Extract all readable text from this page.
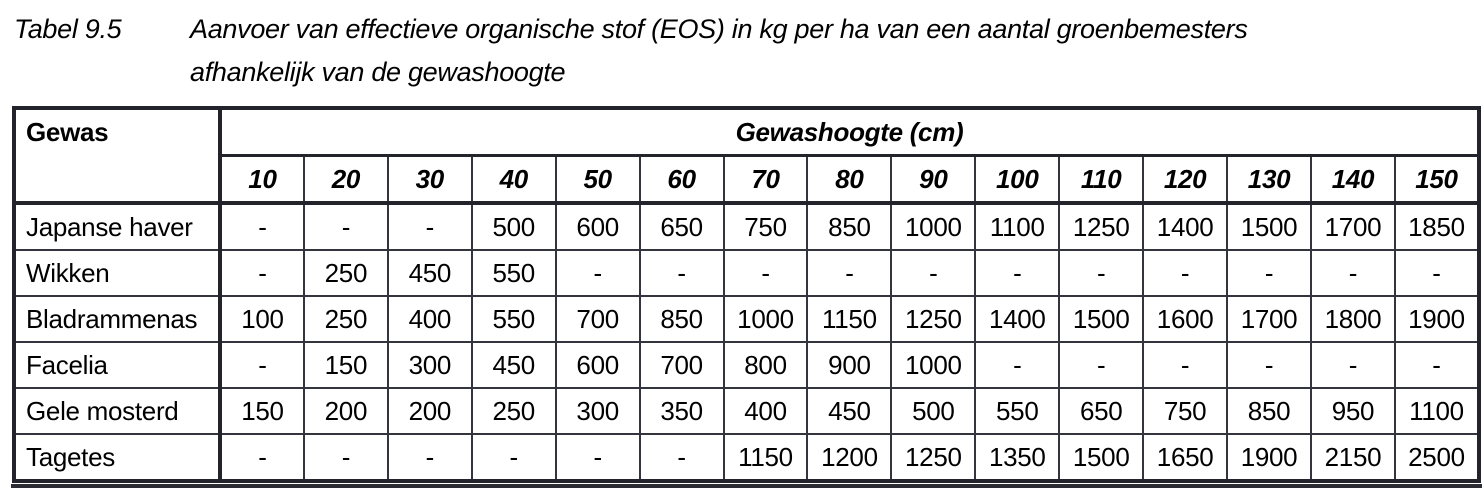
Tabel 9.5	Aanvoer van effectieve organische stof (EOS) in kg per ha van een aantal groenbemesters
afhankelijk van de gewashoogte
Gewas	Gewashoogte (cm)														
	10	20	30	40	50	60	70	80	90	100	110	120	130	140	150
Japanse haver	-	-	-	500	600	650	750	850	1000	1100	1250	1400	1500	1700	1850
Wikken	-	250	450	550	-	-	-	-	-	-	-	-	-	-	-
Bladrammenas	100	250	400	550	700	850	1000	1150	1250	1400	1500	1600	1700	1800	1900
Facelia	-	150	300	450	600	700	800	900	1000	-	-	-	-	-	-
Gele mosterd	150	200	200	250	300	350	400	450	500	550	650	750	850	950	1100
Tagetes	-	-	-	-	-	-	1150	1200	1250	1350	1500	1650	1900	2150	2500
